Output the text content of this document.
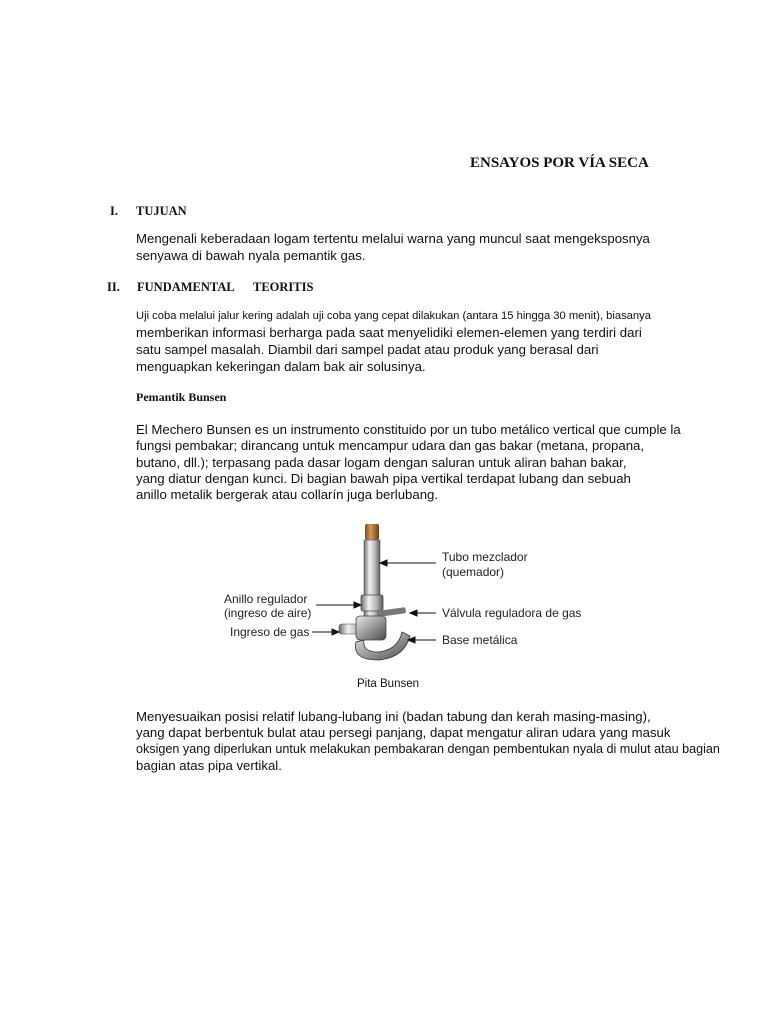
ENSAYOS POR VÍA SECA
I. TUJUAN
Mengenali keberadaan logam tertentu melalui warna yang muncul saat mengeksposnya
senyawa di bawah nyala pemantik gas.
II. FUNDAMENTAL TEORITIS
Uji coba melalui jalur kering adalah uji coba yang cepat dilakukan (antara 15 hingga 30 menit), biasanya
memberikan informasi berharga pada saat menyelidiki elemen-elemen yang terdiri dari
satu sampel masalah. Diambil dari sampel padat atau produk yang berasal dari
menguapkan kekeringan dalam bak air solusinya.
Pemantik Bunsen
El Mechero Bunsen es un instrumento constituido por un tubo metálico vertical que cumple la
fungsi pembakar; dirancang untuk mencampur udara dan gas bakar (metana, propana,
butano, dll.); terpasang pada dasar logam dengan saluran untuk aliran bahan bakar,
yang diatur dengan kunci. Di bagian bawah pipa vertikal terdapat lubang dan sebuah
anillo metalik bergerak atau collarín juga berlubang.
Tubo mezclador
(quemador)
Anillo regulador
(ingreso de aire)
Ingreso de gas
Válvula reguladora de gas
Base metálica
Pita Bunsen
Menyesuaikan posisi relatif lubang-lubang ini (badan tabung dan kerah masing-masing),
yang dapat berbentuk bulat atau persegi panjang, dapat mengatur aliran udara yang masuk
oksigen yang diperlukan untuk melakukan pembakaran dengan pembentukan nyala di mulut atau bagian
bagian atas pipa vertikal.
